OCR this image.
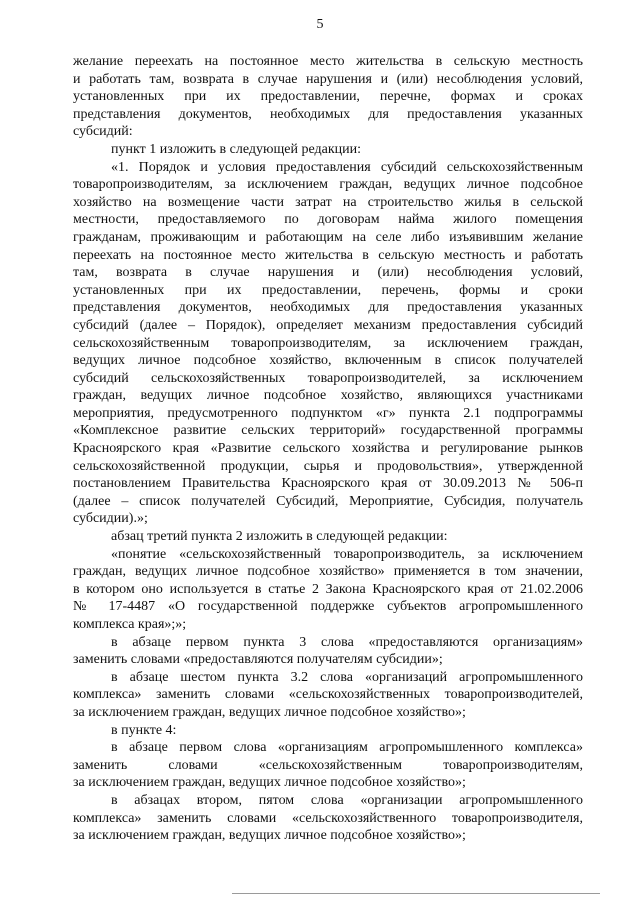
5
желание переехать на постоянное место жительства в сельскую местность
и работать там, возврата в случае нарушения и (или) несоблюдения условий,
установленных при их предоставлении, перечне, формах и сроках
представления документов, необходимых для предоставления указанных
субсидий:
пункт 1 изложить в следующей редакции:
«1. Порядок и условия предоставления субсидий сельскохозяйственным
товаропроизводителям, за исключением граждан, ведущих личное подсобное
хозяйство на возмещение части затрат на строительство жилья в сельской
местности, предоставляемого по договорам найма жилого помещения
гражданам, проживающим и работающим на селе либо изъявившим желание
переехать на постоянное место жительства в сельскую местность и работать
там, возврата в случае нарушения и (или) несоблюдения условий,
установленных при их предоставлении, перечень, формы и сроки
представления документов, необходимых для предоставления указанных
субсидий (далее – Порядок), определяет механизм предоставления субсидий
сельскохозяйственным товаропроизводителям, за исключением граждан,
ведущих личное подсобное хозяйство, включенным в список получателей
субсидий сельскохозяйственных товаропроизводителей, за исключением
граждан, ведущих личное подсобное хозяйство, являющихся участниками
мероприятия, предусмотренного подпунктом «г» пункта 2.1 подпрограммы
«Комплексное развитие сельских территорий» государственной программы
Красноярского края «Развитие сельского хозяйства и регулирование рынков
сельскохозяйственной продукции, сырья и продовольствия», утвержденной
постановлением Правительства Красноярского края от 30.09.2013 № 506-п
(далее – список получателей Субсидий, Мероприятие, Субсидия, получатель
субсидии).»;
абзац третий пункта 2 изложить в следующей редакции:
«понятие «сельскохозяйственный товаропроизводитель, за исключением
граждан, ведущих личное подсобное хозяйство» применяется в том значении,
в котором оно используется в статье 2 Закона Красноярского края от 21.02.2006
№ 17-4487 «О государственной поддержке субъектов агропромышленного
комплекса края»;»;
в абзаце первом пункта 3 слова «предоставляются организациям»
заменить словами «предоставляются получателям субсидии»;
в абзаце шестом пункта 3.2 слова «организаций агропромышленного
комплекса» заменить словами «сельскохозяйственных товаропроизводителей,
за исключением граждан, ведущих личное подсобное хозяйство»;
в пункте 4:
в абзаце первом слова «организациям агропромышленного комплекса»
заменить словами «сельскохозяйственным товаропроизводителям,
за исключением граждан, ведущих личное подсобное хозяйство»;
в абзацах втором, пятом слова «организации агропромышленного
комплекса» заменить словами «сельскохозяйственного товаропроизводителя,
за исключением граждан, ведущих личное подсобное хозяйство»;
